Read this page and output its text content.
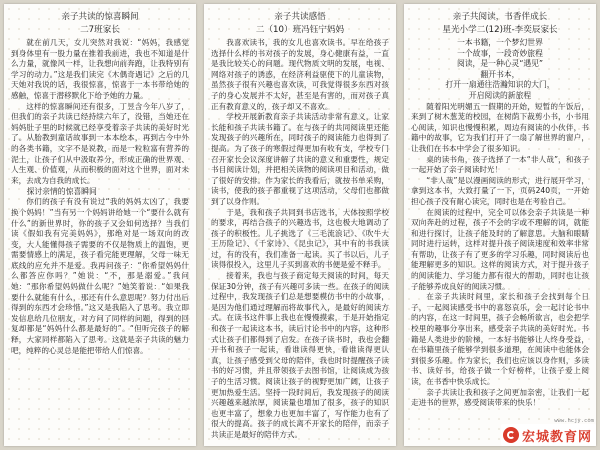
亲子共读的惊喜瞬间
二7班家长

就在前几天，女儿突然对我说：“妈妈，我感觉到身体里有一股力量在推着我前进，我也不知道是什么力量，就像风一样，让我想向前奔跑，让我特别有学习的动力。”这是我们读完《木偶奇遇记》之后的几天她对我说的话，我很惊喜，惊喜于一本书带给她的感触，惊喜于潜移默化下给予她的力量。

这样的惊喜瞬间还有很多，丁昱含今年八岁了，但我们的亲子共读已经持续六年了，没错，当她还在妈妈肚子里的时候就已经享受着亲子共读的美好时光了。从胎教到童话故事到一本本绘本，再到古今中外的各类书籍，文字不是说教，而是一粒粒富有营养的泥土，让孩子们从中汲取养分，形成正确的世界观、人生观、价值观，从而积极的面对这个世界，面对未来，去成为自我的成长。

探讨亲情的惊喜瞬间

你们的孩子有没有说过“我的妈妈太凶了，我要换个妈妈！”当有另一个妈妈讲给她一个“要什么就有什么”的新世界时，你的孩子又会如何选择？当我们读《假如我有完美妈妈》，那绝对是一场双向的改变，大人能懂得孩子需要的不仅是物质上的温饱，更需要情感上的满足，孩子看完能更理解，父母一味无底线的应允并不是爱。我再问孩子：“你希望妈妈什么都答应你吗？”她说：“不，那是溺爱。”我问她：“那你希望妈妈做什么呢？”她笑着说：“如果我要什么就能有什么，那还有什么意思呢？努力付出后得到的东西才会珍惜。”这又是我陷入了思考。我立即发信息给几位朋友，对方问了同样的问题，得到的回复却都是“妈妈什么都是最好的”。“但听完孩子的解释，大家同样都陷入了思考。这就是亲子共读的魅力吧，纯粹的心灵总是能把带给人们惊喜。

亲子共读感悟
二（10）班冯钰宁妈妈

我喜欢读书，我的女儿也喜欢读书。早在给孩子选择什么样的书对孩子的发展，身心健康有益，一直是我比较关心的问题。现代物质文明的发展，电视、网络对孩子的诱惑，在经济利益驱使下的儿童读物，虽然孩子很有兴趣也喜欢读，可我觉得很多东西对孩子的身心发展并不太好，甚至是有害的，而对孩子真正有教育意义的，孩子却又不喜欢。

学校开展新教育亲子共读活动非常有意义，让家长能和孩子共读书籍了。在与孩子的共同阅读里还能发现孩子的兴趣所在，同时孩子的阅读能力也得到了提高。为了孩子的寒假过得更加有收有支，学校专门召开家长会议深度讲解了共读的意义和重要性，规定书目阅读计划，并把相关读物的阅读项目和活动，做了很好的安排。作为家长的我看后，就按书单采购，读书，使我的孩子都重视了这项活动，父母们也都做到了以身作则。

于是，我和孩子共同到书店选书，大体按照学校的要求，再结合孩子的兴趣选书，这也极大地调动了孩子的积极性。儿子挑选了《三毛流浪记》、《吹牛大王历险记》、《千家诗》、《昆虫记》，其中有的书我读过，有的没有，我们准备一起读。买了书以后，儿子读得很投入，这里儿子买到喜欢的书便是爱不释手。

接着来，我也与孩子商定每天阅读的时间，每天保证30分钟，孩子有兴趣可多读一些。在孩子的阅读过程中，我发现孩子们总是想要模仿书中的小故事，是因为他们通过理解而将故事代入，是最好的阅读方式。在读书这件事上我也在慢慢摸索，于是开始指定和孩子一起读这本书，读后讨论书中的内容，这种形式让孩子们都得到了启发。在孩子读书时，我也会翻开书和孩子一起读，看谁读得更快，看谁读得更认真，让孩子感受到父母的陪伴，我也时时提醒孩子读书的好习惯，并且带领孩子去图书馆，让阅读成为孩子的生活习惯。阅读让孩子的视野更加广阔，让孩子更加热爱生活。坚持一段时间后，我发现孩子的阅读兴趣越来越浓厚，阅读量也增加了很多，孩子的知识也更丰富了，想象力也更加丰富了，写作能力也有了很大的提高。孩子的成长离不开家长的陪伴，而亲子共读正是最好的陪伴方式。

亲子共阅读，书香伴成长
星光小学二(12)班-李奕辰家长

一本书籍，一个梦幻世界

一个故事，一段奇妙旅程

阅读，是一种心灵“遇见”

翻开书本，

打开一扇通往浩瀚知识的大门，

开启阅读的新旅程

随着阳光明媚五一假期的开始，短暂的午饭后，来到了树木葱茏的校园，在树荫下裁剪小书，小书用心阅读，知识也慢慢积累，周边有阅读的小伙伴，书籍中的故事，它为我们打开了一扇了解世界的窗户，让我们在书本中学会了很多知识。

桌的读书角，孩子选择了一本“非人哉”，和孩子一起开始了亲子阅读时光！

“非人哉”是以漫画阅读的形式，进行展开学习，拿到这本书，大致打量了一下，页码240页，一开始担心孩子没有耐心读完，同时也是在考验自己。

在阅读的过程中，完全可以体会亲子共读是一种双向奔赴的过程，孩子不会的字或不理解的词，就能和进行探讨，让孩子能及时的了解意思。大脑和眼睛同时进行运转，这样对提升孩子阅读速度和效率非常有帮助，让孩子有了更多的学习乐趣，同时阅读后也能理解更多的知识。这样的阅读方式，对于提升孩子的阅读能力、学习能力都有很大的帮助，同时也让孩子能够养成良好的阅读习惯。

在亲子共读时间里，家长和孩子会找到每个日子，一起阅读感受书中的喜怒哀乐，会一起讨论书中的内容，在这一时间里，孩子会畅所欲言，也会把学校里的趣事分享出来，感受亲子共读的美好时光。书籍是人类进步的阶梯，一本好书能够让人终身受益，在书籍里孩子能够学到很多道理，在阅读中也能体会到很多乐趣。作为家长，我们也应该以身作则，多读书、读好书，给孩子做一个好榜样，让孩子爱上阅读，在书香中快乐成长。

亲子共读让我和孩子之间更加亲密，让我们一起走进书的世界，感受阅读带来的快乐！

www.hcjy.com
宏城教育网
